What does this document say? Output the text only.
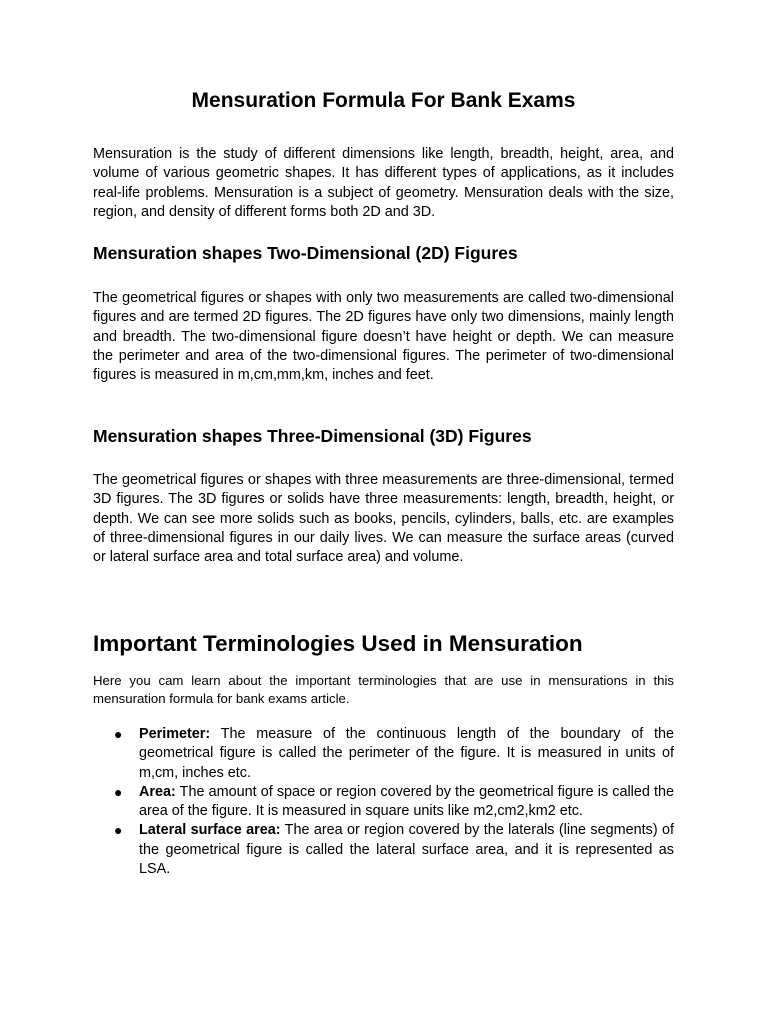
Mensuration Formula For Bank Exams

Mensuration is the study of different dimensions like length, breadth, height, area, and volume of various geometric shapes. It has different types of applications, as it includes real-life problems. Mensuration is a subject of geometry. Mensuration deals with the size, region, and density of different forms both 2D and 3D.

Mensuration shapes Two-Dimensional (2D) Figures

The geometrical figures or shapes with only two measurements are called two-dimensional figures and are termed 2D figures. The 2D figures have only two dimensions, mainly length and breadth. The two-dimensional figure doesn’t have height or depth. We can measure the perimeter and area of the two-dimensional figures. The perimeter of two-dimensional figures is measured in m,cm,mm,km, inches and feet.

Mensuration shapes Three-Dimensional (3D) Figures

The geometrical figures or shapes with three measurements are three-dimensional, termed 3D figures. The 3D figures or solids have three measurements: length, breadth, height, or depth. We can see more solids such as books, pencils, cylinders, balls, etc. are examples of three-dimensional figures in our daily lives. We can measure the surface areas (curved or lateral surface area and total surface area) and volume.

Important Terminologies Used in Mensuration

Here you cam learn about the important terminologies that are use in mensurations in this mensuration formula for bank exams article.

● Perimeter: The measure of the continuous length of the boundary of the geometrical figure is called the perimeter of the figure. It is measured in units of m,cm, inches etc.
● Area: The amount of space or region covered by the geometrical figure is called the area of the figure. It is measured in square units like m2,cm2,km2 etc.
● Lateral surface area: The area or region covered by the laterals (line segments) of the geometrical figure is called the lateral surface area, and it is represented as LSA.
